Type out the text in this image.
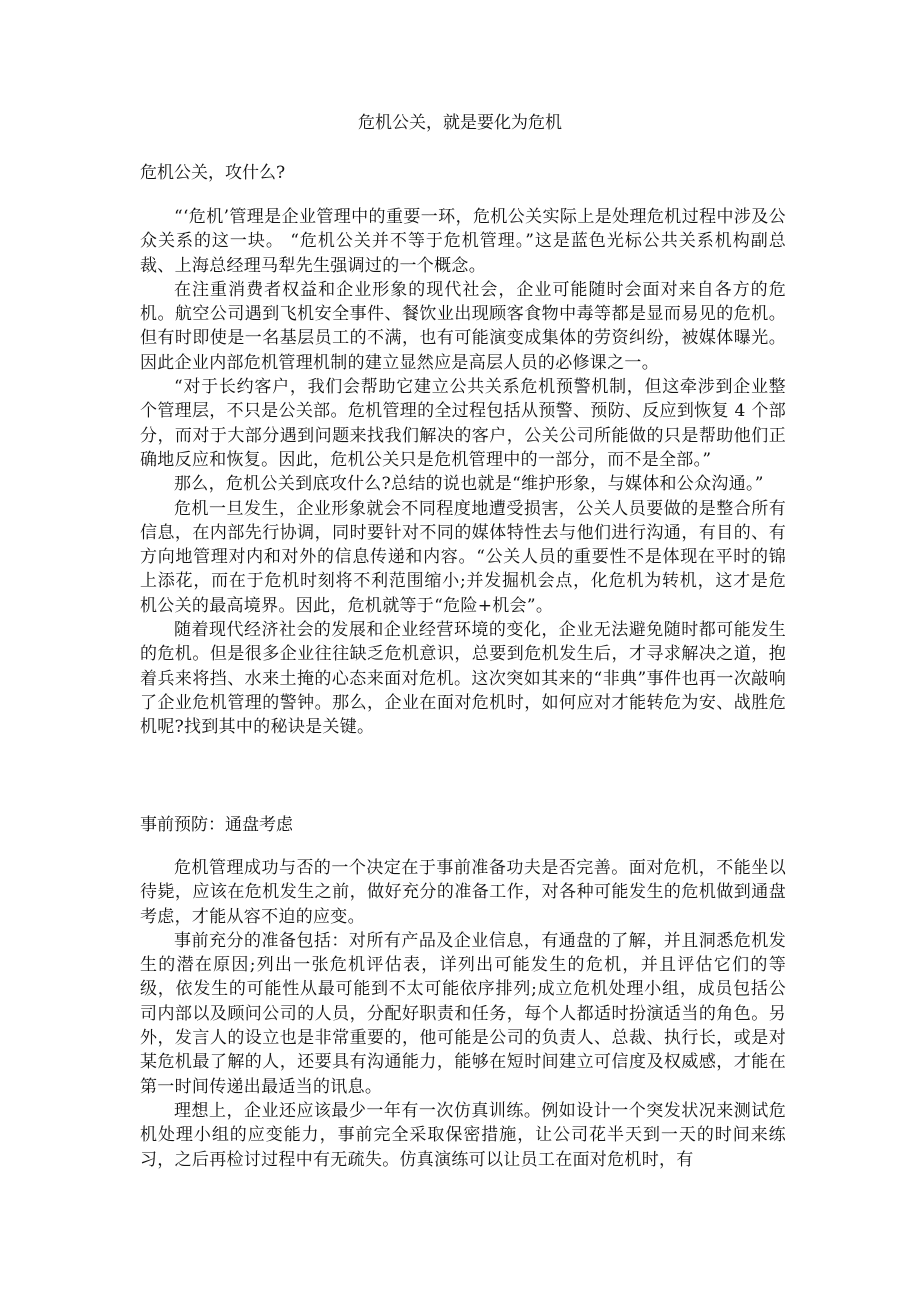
危机公关，就是要化为危机
危机公关，攻什么?

“‘危机’管理是企业管理中的重要一环，危机公关实际上是处理危机过程中涉及公众关系的这一块。 “危机公关并不等于危机管理。”这是蓝色光标公共关系机构副总裁、上海总经理马犁先生强调过的一个概念。

在注重消费者权益和企业形象的现代社会，企业可能随时会面对来自各方的危机。航空公司遇到飞机安全事件、餐饮业出现顾客食物中毒等都是显而易见的危机。但有时即使是一名基层员工的不满，也有可能演变成集体的劳资纠纷，被媒体曝光。因此企业内部危机管理机制的建立显然应是高层人员的必修课之一。

“对于长约客户，我们会帮助它建立公共关系危机预警机制，但这牵涉到企业整个管理层，不只是公关部。危机管理的全过程包括从预警、预防、反应到恢复 4 个部分，而对于大部分遇到问题来找我们解决的客户，公关公司所能做的只是帮助他们正确地反应和恢复。因此，危机公关只是危机管理中的一部分，而不是全部。”

那么，危机公关到底攻什么?总结的说也就是“维护形象，与媒体和公众沟通。”

危机一旦发生，企业形象就会不同程度地遭受损害，公关人员要做的是整合所有信息，在内部先行协调，同时要针对不同的媒体特性去与他们进行沟通，有目的、有方向地管理对内和对外的信息传递和内容。“公关人员的重要性不是体现在平时的锦上添花，而在于危机时刻将不利范围缩小;并发掘机会点，化危机为转机，这才是危机公关的最高境界。因此，危机就等于“危险+机会”。

随着现代经济社会的发展和企业经营环境的变化，企业无法避免随时都可能发生的危机。但是很多企业往往缺乏危机意识，总要到危机发生后，才寻求解决之道，抱着兵来将挡、水来土掩的心态来面对危机。这次突如其来的“非典”事件也再一次敲响了企业危机管理的警钟。那么，企业在面对危机时，如何应对才能转危为安、战胜危机呢?找到其中的秘诀是关键。

事前预防：通盘考虑

危机管理成功与否的一个决定在于事前准备功夫是否完善。面对危机，不能坐以待毙，应该在危机发生之前，做好充分的准备工作，对各种可能发生的危机做到通盘考虑，才能从容不迫的应变。

事前充分的准备包括：对所有产品及企业信息，有通盘的了解，并且洞悉危机发生的潜在原因;列出一张危机评估表，详列出可能发生的危机，并且评估它们的等级，依发生的可能性从最可能到不太可能依序排列;成立危机处理小组，成员包括公司内部以及顾问公司的人员，分配好职责和任务，每个人都适时扮演适当的角色。另外，发言人的设立也是非常重要的，他可能是公司的负责人、总裁、执行长，或是对某危机最了解的人，还要具有沟通能力，能够在短时间建立可信度及权威感，才能在第一时间传递出最适当的讯息。

理想上，企业还应该最少一年有一次仿真训练。例如设计一个突发状况来测试危机处理小组的应变能力，事前完全采取保密措施，让公司花半天到一天的时间来练习，之后再检讨过程中有无疏失。仿真演练可以让员工在面对危机时，有
